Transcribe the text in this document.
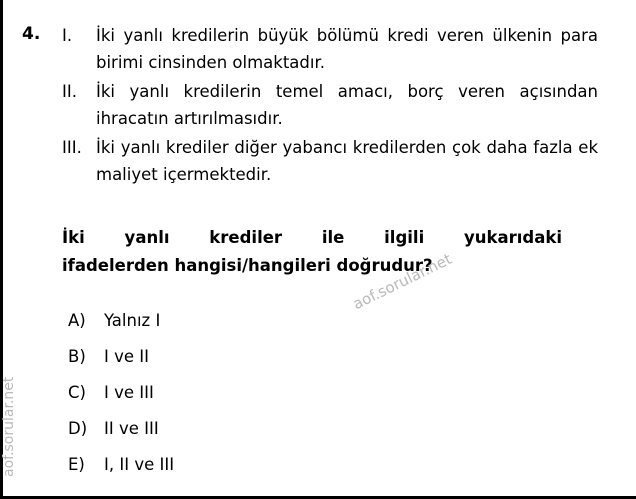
4. I.	İki yanlı kredilerin büyük bölümü kredi veren ülkenin para birimi cinsinden olmaktadır.
II.	İki yanlı kredilerin temel amacı, borç veren açısından ihracatın artırılmasıdır.
III. İki yanlı krediler diğer yabancı kredilerden çok daha fazla ek maliyet içermektedir.
İki yanlı krediler ile ilgili yukarıdaki
ifadelerden hangisi/hangileri doğrudur?
A)	Yalnız I
B)	I ve II
C)	I ve III
D)	II ve III
E)	I, II ve III
aof.sorular.net
aof.sorular.net
